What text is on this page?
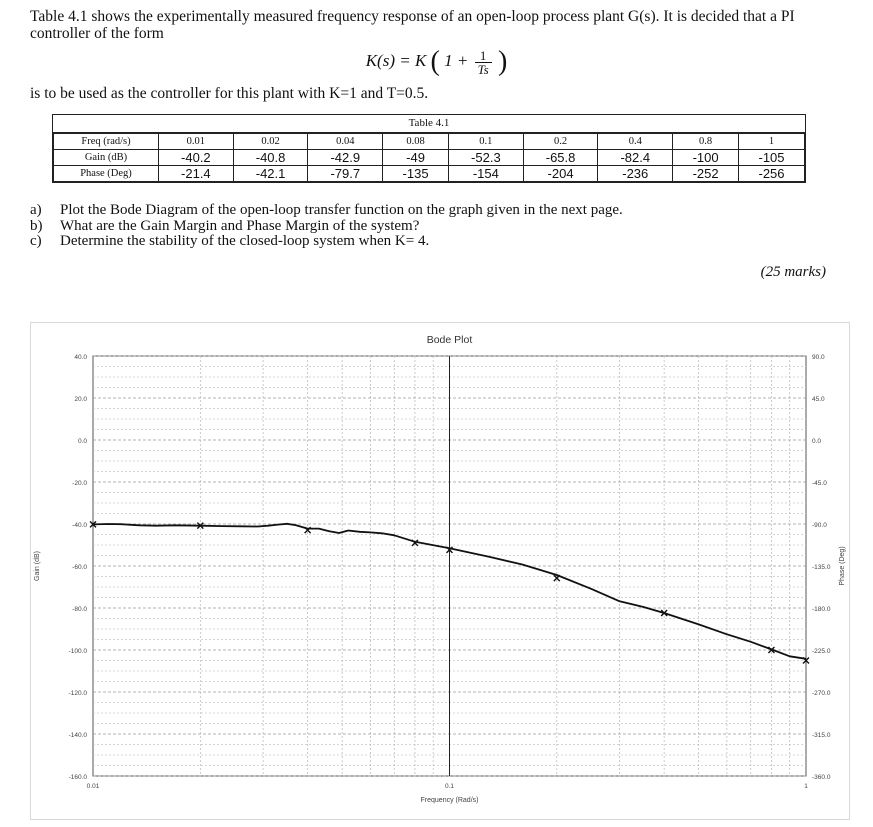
Table 4.1 shows the experimentally measured frequency response of an open-loop process plant G(s). It is decided that a PI controller of the form
K(s) = K ( $1 + \frac{1}{Ts}$ )
is to be used as the controller for this plant with K=1 and T=0.5.
Table 4.1
Freq (rad/s)	0.01	0.02	0.04	0.08	0.1	0.2	0.4	0.8	1
Gain (dB)	-40.2	-40.8	-42.9	-49	-52.3	-65.8	-82.4	-100	-105
Phase (Deg)	-21.4	-42.1	-79.7	-135	-154	-204	-236	-252	-256
a)	Plot the Bode Diagram of the open-loop transfer function on the graph given in the next page.
b)	What are the Gain Margin and Phase Margin of the system?
c)	Determine the stability of the closed-loop system when K= 4.
(25 marks)
Bode Plot
40.0
20.0
0.0
-20.0
-40.0
-60.0
-80.0
-100.0
-120.0
-140.0
-160.0
90.0
45.0
0.0
-45.0
-90.0
-135.0
-180.0
-225.0
-270.0
-315.0
-360.0
0.01	0.1	1
Frequency (Rad/s)
Gain (dB)	Phase (Deg)
